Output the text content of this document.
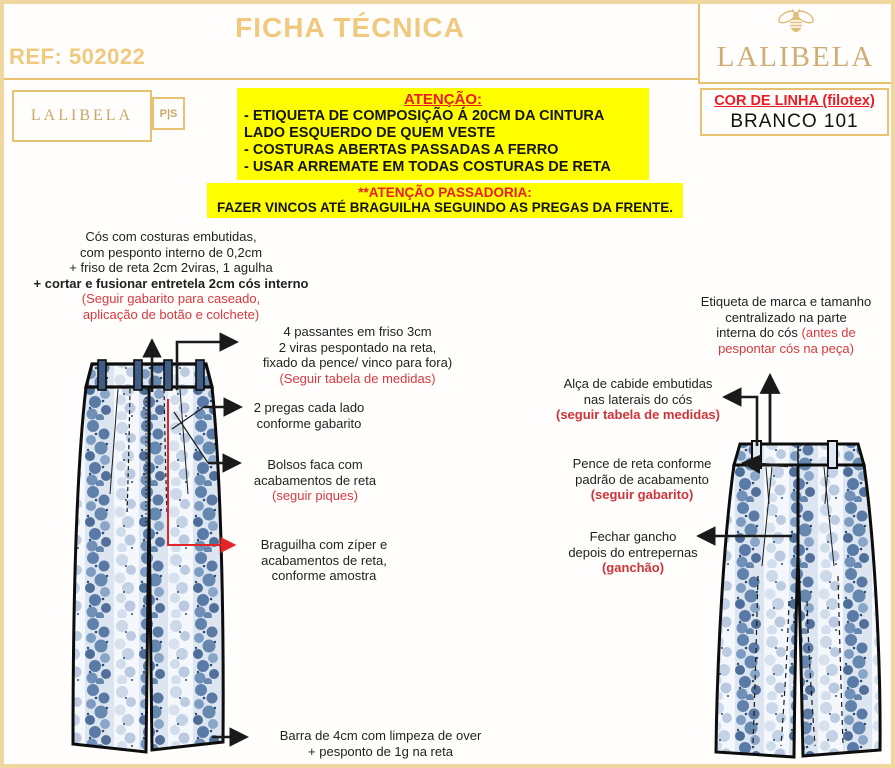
REF: 502022
FICHA TÉCNICA
LALIBELA
LALIBELA P|S
COR DE LINHA (filotex)
BRANCO 101
ATENÇÃO:
- ETIQUETA DE COMPOSIÇÃO Á 20CM DA CINTURA
LADO ESQUERDO DE QUEM VESTE
- COSTURAS ABERTAS PASSADAS A FERRO
- USAR ARREMATE EM TODAS COSTURAS DE RETA
**ATENÇÃO PASSADORIA:
FAZER VINCOS ATÉ BRAGUILHA SEGUINDO AS PREGAS DA FRENTE.
Cós com costuras embutidas,
com pesponto interno de 0,2cm
+ friso de reta 2cm 2viras, 1 agulha
+ cortar e fusionar entretela 2cm cós interno
(Seguir gabarito para caseado,
aplicação de botão e colchete)
4 passantes em friso 3cm
2 viras pespontado na reta,
fixado da pence/ vinco para fora)
(Seguir tabela de medidas)
2 pregas cada lado
conforme gabarito
Bolsos faca com
acabamentos de reta
(seguir piques)
Braguilha com zíper e
acabamentos de reta,
conforme amostra
Barra de 4cm com limpeza de over
+ pesponto de 1g na reta
Etiqueta de marca e tamanho
centralizado na parte
interna do cós (antes de
pespontar cós na peça)
Alça de cabide embutidas
nas laterais do cós
(seguir tabela de medidas)
Pence de reta conforme
padrão de acabamento
(seguir gabarito)
Fechar gancho
depois do entrepernas
(ganchão)
